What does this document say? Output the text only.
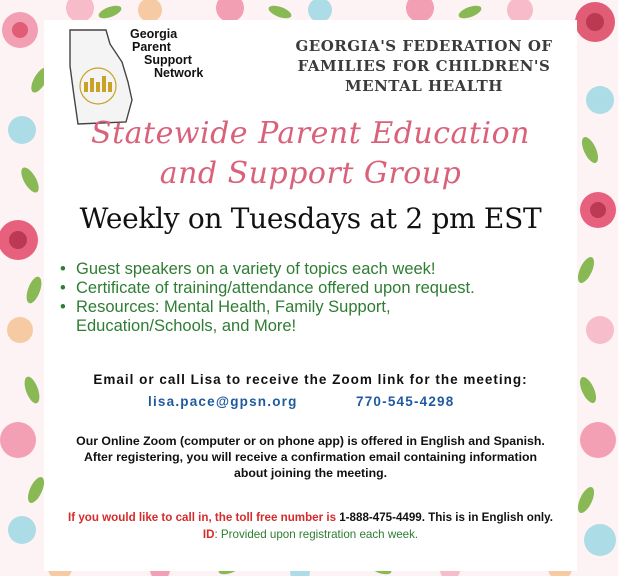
Georgia
Parent
Support
Network
GEORGIA'S FEDERATION OF
FAMILIES FOR CHILDREN'S
MENTAL HEALTH
Statewide Parent Education
and Support Group
Weekly on Tuesdays at 2 pm EST
• Guest speakers on a variety of topics each week!
• Certificate of training/attendance offered upon request.
• Resources: Mental Health, Family Support,
Education/Schools, and More!
Email or call Lisa to receive the Zoom link for the meeting:
lisa.pace@gpsn.org	770-545-4298
Our Online Zoom (computer or on phone app) is offered in English and Spanish.
After registering, you will receive a confirmation email containing information
about joining the meeting.
If you would like to call in, the toll free number is 1-888-475-4499. This is in English only.
ID: Provided upon registration each week.
